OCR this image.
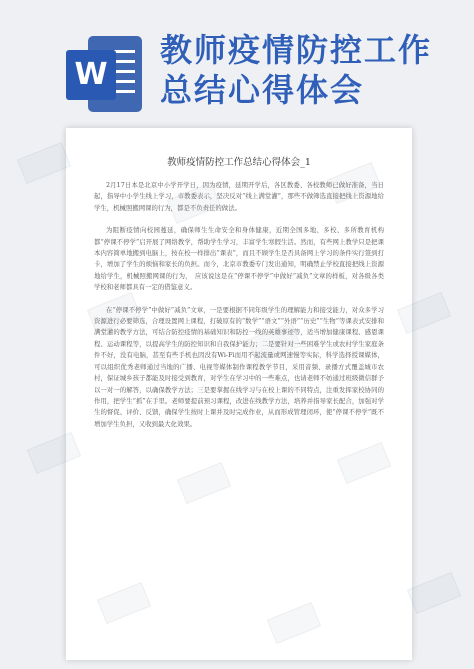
W
教师疫情防控工作
总结心得体会
教师疫情防控工作总结心得体会_1

2月17日本是北京中小学开学日，因为疫情，延期开学后，各区教委、各校教师已做好准备，当日起，指导中小学生线上学习，市教委表示，坚决反对“线上满堂灌”，那些不做筛选直接把线上资源地给学生，机械照搬网课的行为，都是不负责任的做法。

为阻断疫情向校园蔓延，确保师生生命安全和身体健康，近期全国多地、多校、多所教育机构都“停课不停学”启开展了网络教学，帮助学生学习，丰富学生寒假生活。然而，有些网上教学只是把课本内容简单地搬到电脑上，按在校一样排出“课表”，而且不顾学生是否具备网上学习的条件实行签到打卡，增加了学生的烦恼和家长的负担。而今，北京市教委专门发出通知，明确禁止学校直接把线上资源地给学生，机械照搬网课的行为，　应该说这是在“停课不停学”中做好“减负”文章的样板，对各级各类学校和老师都具有一定的借鉴意义。

在“停课不停学”中做好“减负”文章，一是要根据不同年级学生的理解能力和接受能力，对众多学习资源进行必要筛选，合理设置网上课程，打破原有的“数学”“语文”“外语”“历史”“生物”等课表式安排和满堂灌的教学方法，可结合防控疫情的基础知识和防控一线的英雄事迹等，适当增加健康课程、感恩课程、运动课程等，以提高学生的防控知识和自我保护能力；二是要针对一些困难学生或农村学生家庭条件不好，没有电脑，甚至有些手机也因没有Wi-Fi而用不起流量或网速慢等实际，科学选择授课媒体，可以组织优秀老师通过当地的广播、电视等媒体制作课程教学节目，采用音频、录播方式覆盖城市农村，保证城乡孩子都能及时接受到教育，对学生在学习中的一些难点，也请老师不妨通过班级微信群予以一对一的解答，以确保教学方法；三是要掌握在线学习与在校上课的不同特点，注重发挥家校协同的作用，把学生“抓”在手里。老师要提前预习课程，改进在线教学方法，培养并指导家长配合，加强对学生的督促、评价、反馈，确保学生按时上课并及时完成作业，从而形成管理闭环，使“停课不停学”既不增加学生负担，又收到最大化效果。
